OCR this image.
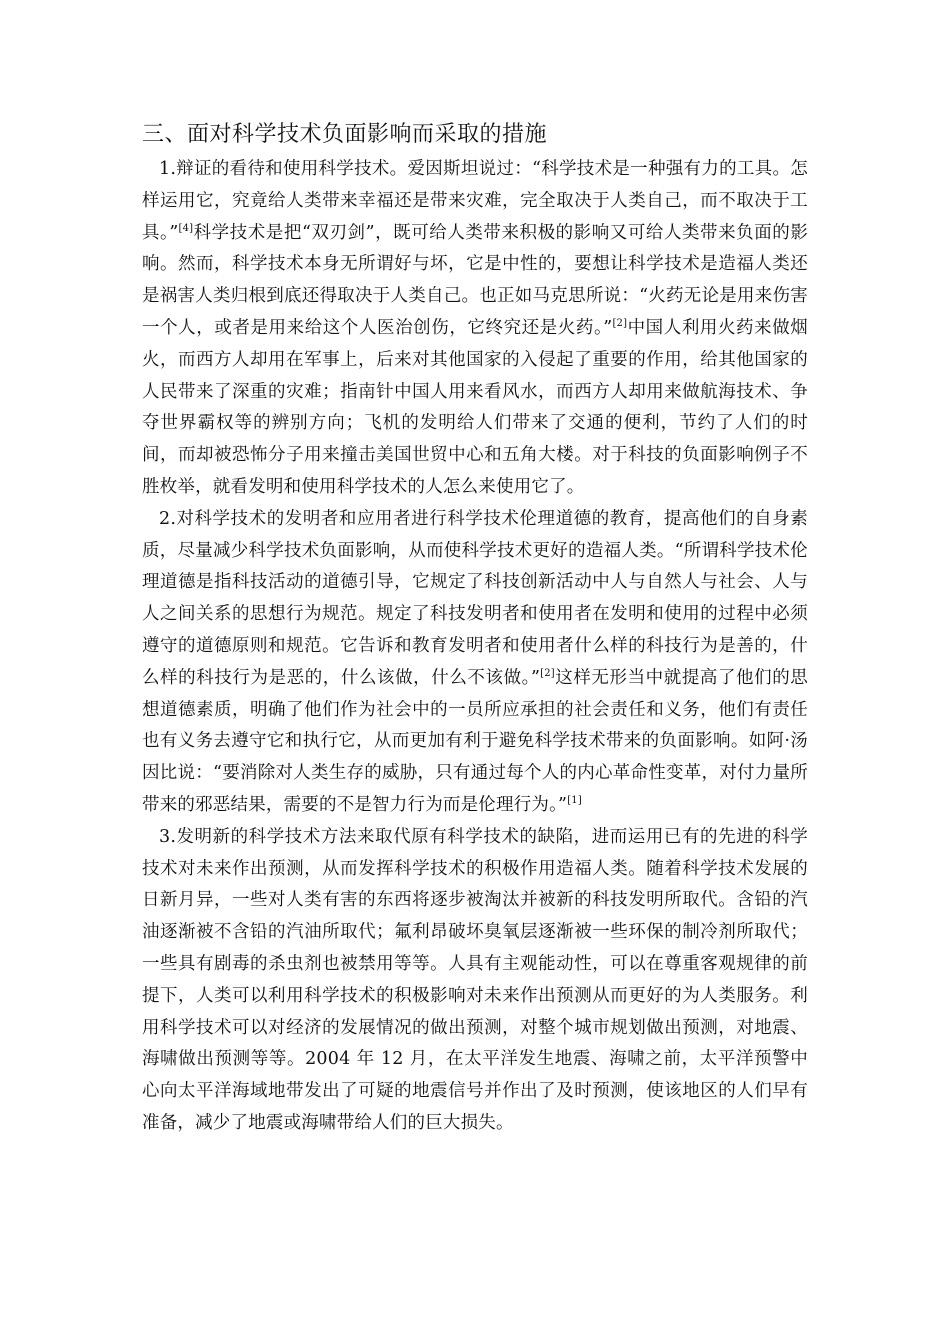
三、面对科学技术负面影响而采取的措施

1.辩证的看待和使用科学技术。爱因斯坦说过：“科学技术是一种强有力的工具。怎样运用它，究竟给人类带来幸福还是带来灾难，完全取决于人类自己，而不取决于工具。”[4]科学技术是把“双刃剑”，既可给人类带来积极的影响又可给人类带来负面的影响。然而，科学技术本身无所谓好与坏，它是中性的，要想让科学技术是造福人类还是祸害人类归根到底还得取决于人类自己。也正如马克思所说：“火药无论是用来伤害一个人，或者是用来给这个人医治创伤，它终究还是火药。”[2]中国人利用火药来做烟火，而西方人却用在军事上，后来对其他国家的入侵起了重要的作用，给其他国家的人民带来了深重的灾难；指南针中国人用来看风水，而西方人却用来做航海技术、争夺世界霸权等的辨别方向；飞机的发明给人们带来了交通的便利，节约了人们的时间，而却被恐怖分子用来撞击美国世贸中心和五角大楼。对于科技的负面影响例子不胜枚举，就看发明和使用科学技术的人怎么来使用它了。

2.对科学技术的发明者和应用者进行科学技术伦理道德的教育，提高他们的自身素质，尽量减少科学技术负面影响，从而使科学技术更好的造福人类。“所谓科学技术伦理道德是指科技活动的道德引导，它规定了科技创新活动中人与自然人与社会、人与人之间关系的思想行为规范。规定了科技发明者和使用者在发明和使用的过程中必须遵守的道德原则和规范。它告诉和教育发明者和使用者什么样的科技行为是善的，什么样的科技行为是恶的，什么该做，什么不该做。”[2]这样无形当中就提高了他们的思想道德素质，明确了他们作为社会中的一员所应承担的社会责任和义务，他们有责任也有义务去遵守它和执行它，从而更加有利于避免科学技术带来的负面影响。如阿·汤因比说：“要消除对人类生存的威胁，只有通过每个人的内心革命性变革，对付力量所带来的邪恶结果，需要的不是智力行为而是伦理行为。”[1]

3.发明新的科学技术方法来取代原有科学技术的缺陷，进而运用已有的先进的科学技术对未来作出预测，从而发挥科学技术的积极作用造福人类。随着科学技术发展的日新月异，一些对人类有害的东西将逐步被淘汰并被新的科技发明所取代。含铅的汽油逐渐被不含铅的汽油所取代；氟利昂破坏臭氧层逐渐被一些环保的制冷剂所取代；一些具有剧毒的杀虫剂也被禁用等等。人具有主观能动性，可以在尊重客观规律的前提下，人类可以利用科学技术的积极影响对未来作出预测从而更好的为人类服务。利用科学技术可以对经济的发展情况的做出预测，对整个城市规划做出预测，对地震、海啸做出预测等等。2004 年 12 月，在太平洋发生地震、海啸之前，太平洋预警中心向太平洋海域地带发出了可疑的地震信号并作出了及时预测，使该地区的人们早有准备，减少了地震或海啸带给人们的巨大损失。
